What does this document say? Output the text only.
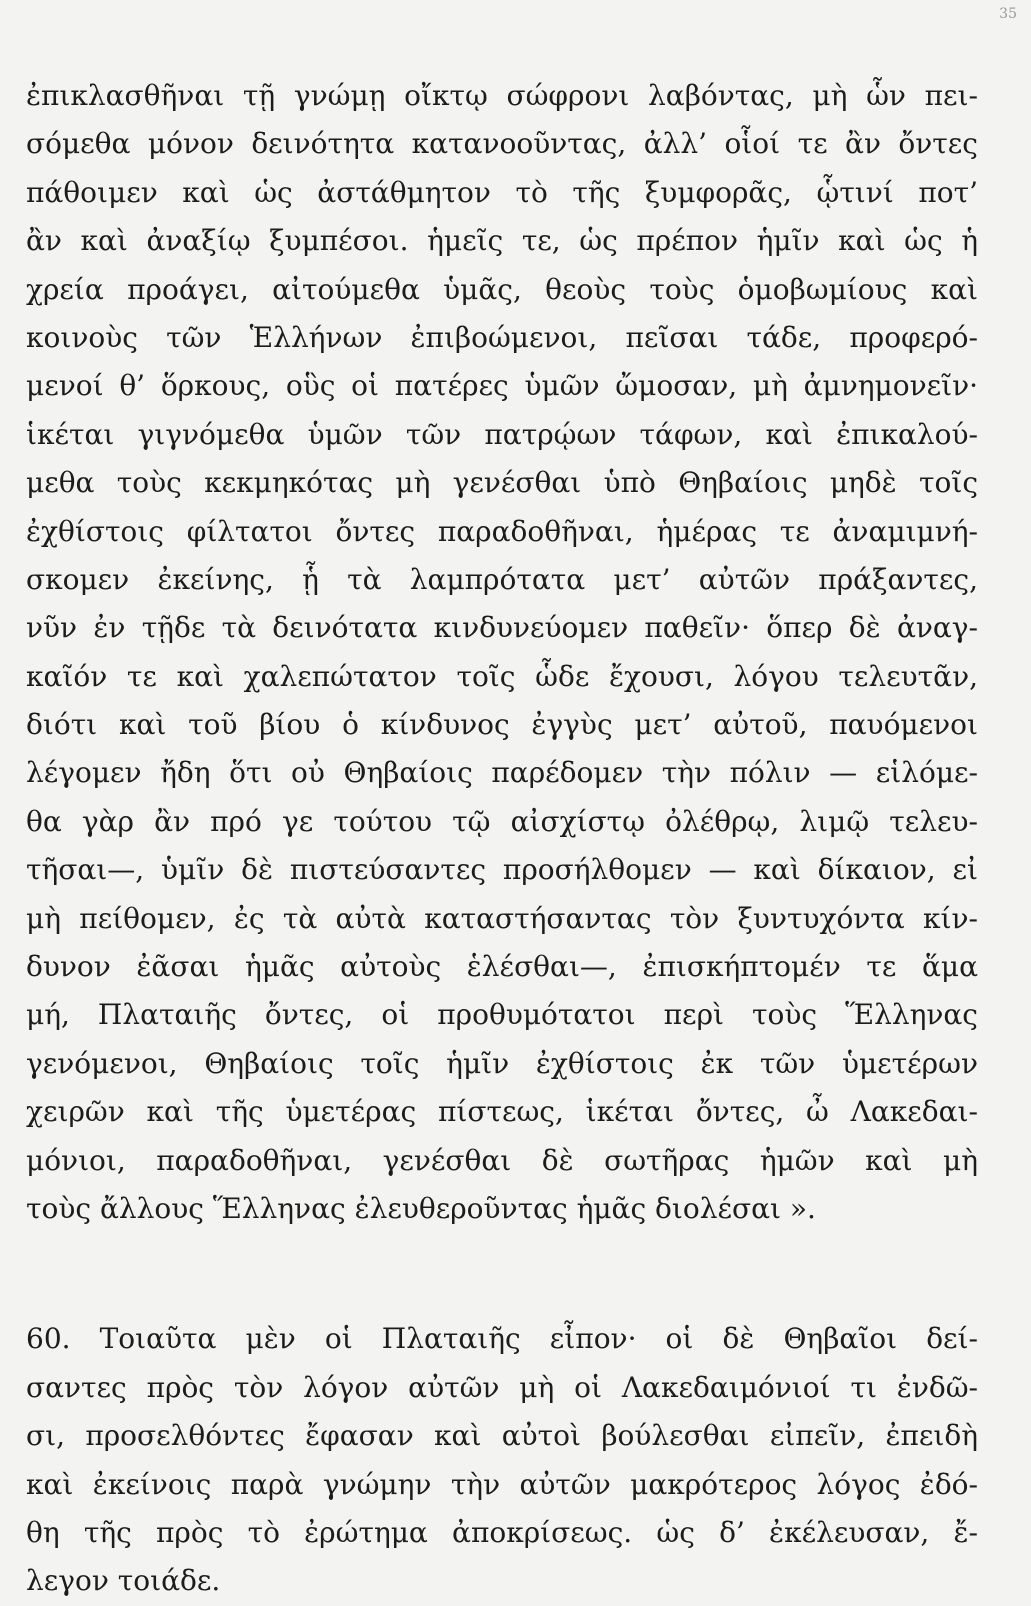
35

ἐπικλασθῆναι τῇ γνώμῃ οἴκτῳ σώφρονι λαβόντας, μὴ ὧν πει-
σόμεθα μόνον δεινότητα κατανοοῦντας, ἀλλ’ οἷοί τε ἂν ὄντες
πάθοιμεν καὶ ὡς ἀστάθμητον τὸ τῆς ξυμφορᾶς, ᾧτινί ποτ’
ἂν καὶ ἀναξίῳ ξυμπέσοι. ἡμεῖς τε, ὡς πρέπον ἡμῖν καὶ ὡς ἡ
χρεία προάγει, αἰτούμεθα ὑμᾶς, θεοὺς τοὺς ὁμοβωμίους καὶ
κοινοὺς τῶν Ἑλλήνων ἐπιβοώμενοι, πεῖσαι τάδε, προφερό-
μενοί θ’ ὅρκους, οὓς οἱ πατέρες ὑμῶν ὤμοσαν, μὴ ἀμνημονεῖν·
ἱκέται γιγνόμεθα ὑμῶν τῶν πατρῴων τάφων, καὶ ἐπικαλού-
μεθα τοὺς κεκμηκότας μὴ γενέσθαι ὑπὸ Θηβαίοις μηδὲ τοῖς
ἐχθίστοις φίλτατοι ὄντες παραδοθῆναι, ἡμέρας τε ἀναμιμνή-
σκομεν ἐκείνης, ᾗ τὰ λαμπρότατα μετ’ αὐτῶν πράξαντες,
νῦν ἐν τῇδε τὰ δεινότατα κινδυνεύομεν παθεῖν· ὅπερ δὲ ἀναγ-
καῖόν τε καὶ χαλεπώτατον τοῖς ὧδε ἔχουσι, λόγου τελευτᾶν,
διότι καὶ τοῦ βίου ὁ κίνδυνος ἐγγὺς μετ’ αὐτοῦ, παυόμενοι
λέγομεν ἤδη ὅτι οὐ Θηβαίοις παρέδομεν τὴν πόλιν — εἱλόμε-
θα γὰρ ἂν πρό γε τούτου τῷ αἰσχίστῳ ὀλέθρῳ, λιμῷ τελευ-
τῆσαι—, ὑμῖν δὲ πιστεύσαντες προσήλθομεν — καὶ δίκαιον, εἰ
μὴ πείθομεν, ἐς τὰ αὐτὰ καταστήσαντας τὸν ξυντυχόντα κίν-
δυνον ἐᾶσαι ἡμᾶς αὐτοὺς ἑλέσθαι—, ἐπισκήπτομέν τε ἅμα
μή, Πλαταιῆς ὄντες, οἱ προθυμότατοι περὶ τοὺς Ἕλληνας
γενόμενοι, Θηβαίοις τοῖς ἡμῖν ἐχθίστοις ἐκ τῶν ὑμετέρων
χειρῶν καὶ τῆς ὑμετέρας πίστεως, ἱκέται ὄντες, ὦ Λακεδαι-
μόνιοι, παραδοθῆναι, γενέσθαι δὲ σωτῆρας ἡμῶν καὶ μὴ
τοὺς ἄλλους Ἕλληνας ἐλευθεροῦντας ἡμᾶς διολέσαι ».

60. Τοιαῦτα μὲν οἱ Πλαταιῆς εἶπον· οἱ δὲ Θηβαῖοι δεί-
σαντες πρὸς τὸν λόγον αὐτῶν μὴ οἱ Λακεδαιμόνιοί τι ἐνδῶ-
σι, προσελθόντες ἔφασαν καὶ αὐτοὶ βούλεσθαι εἰπεῖν, ἐπειδὴ
καὶ ἐκείνοις παρὰ γνώμην τὴν αὐτῶν μακρότερος λόγος ἐδό-
θη τῆς πρὸς τὸ ἐρώτημα ἀποκρίσεως. ὡς δ’ ἐκέλευσαν, ἔ-
λεγον τοιάδε.
